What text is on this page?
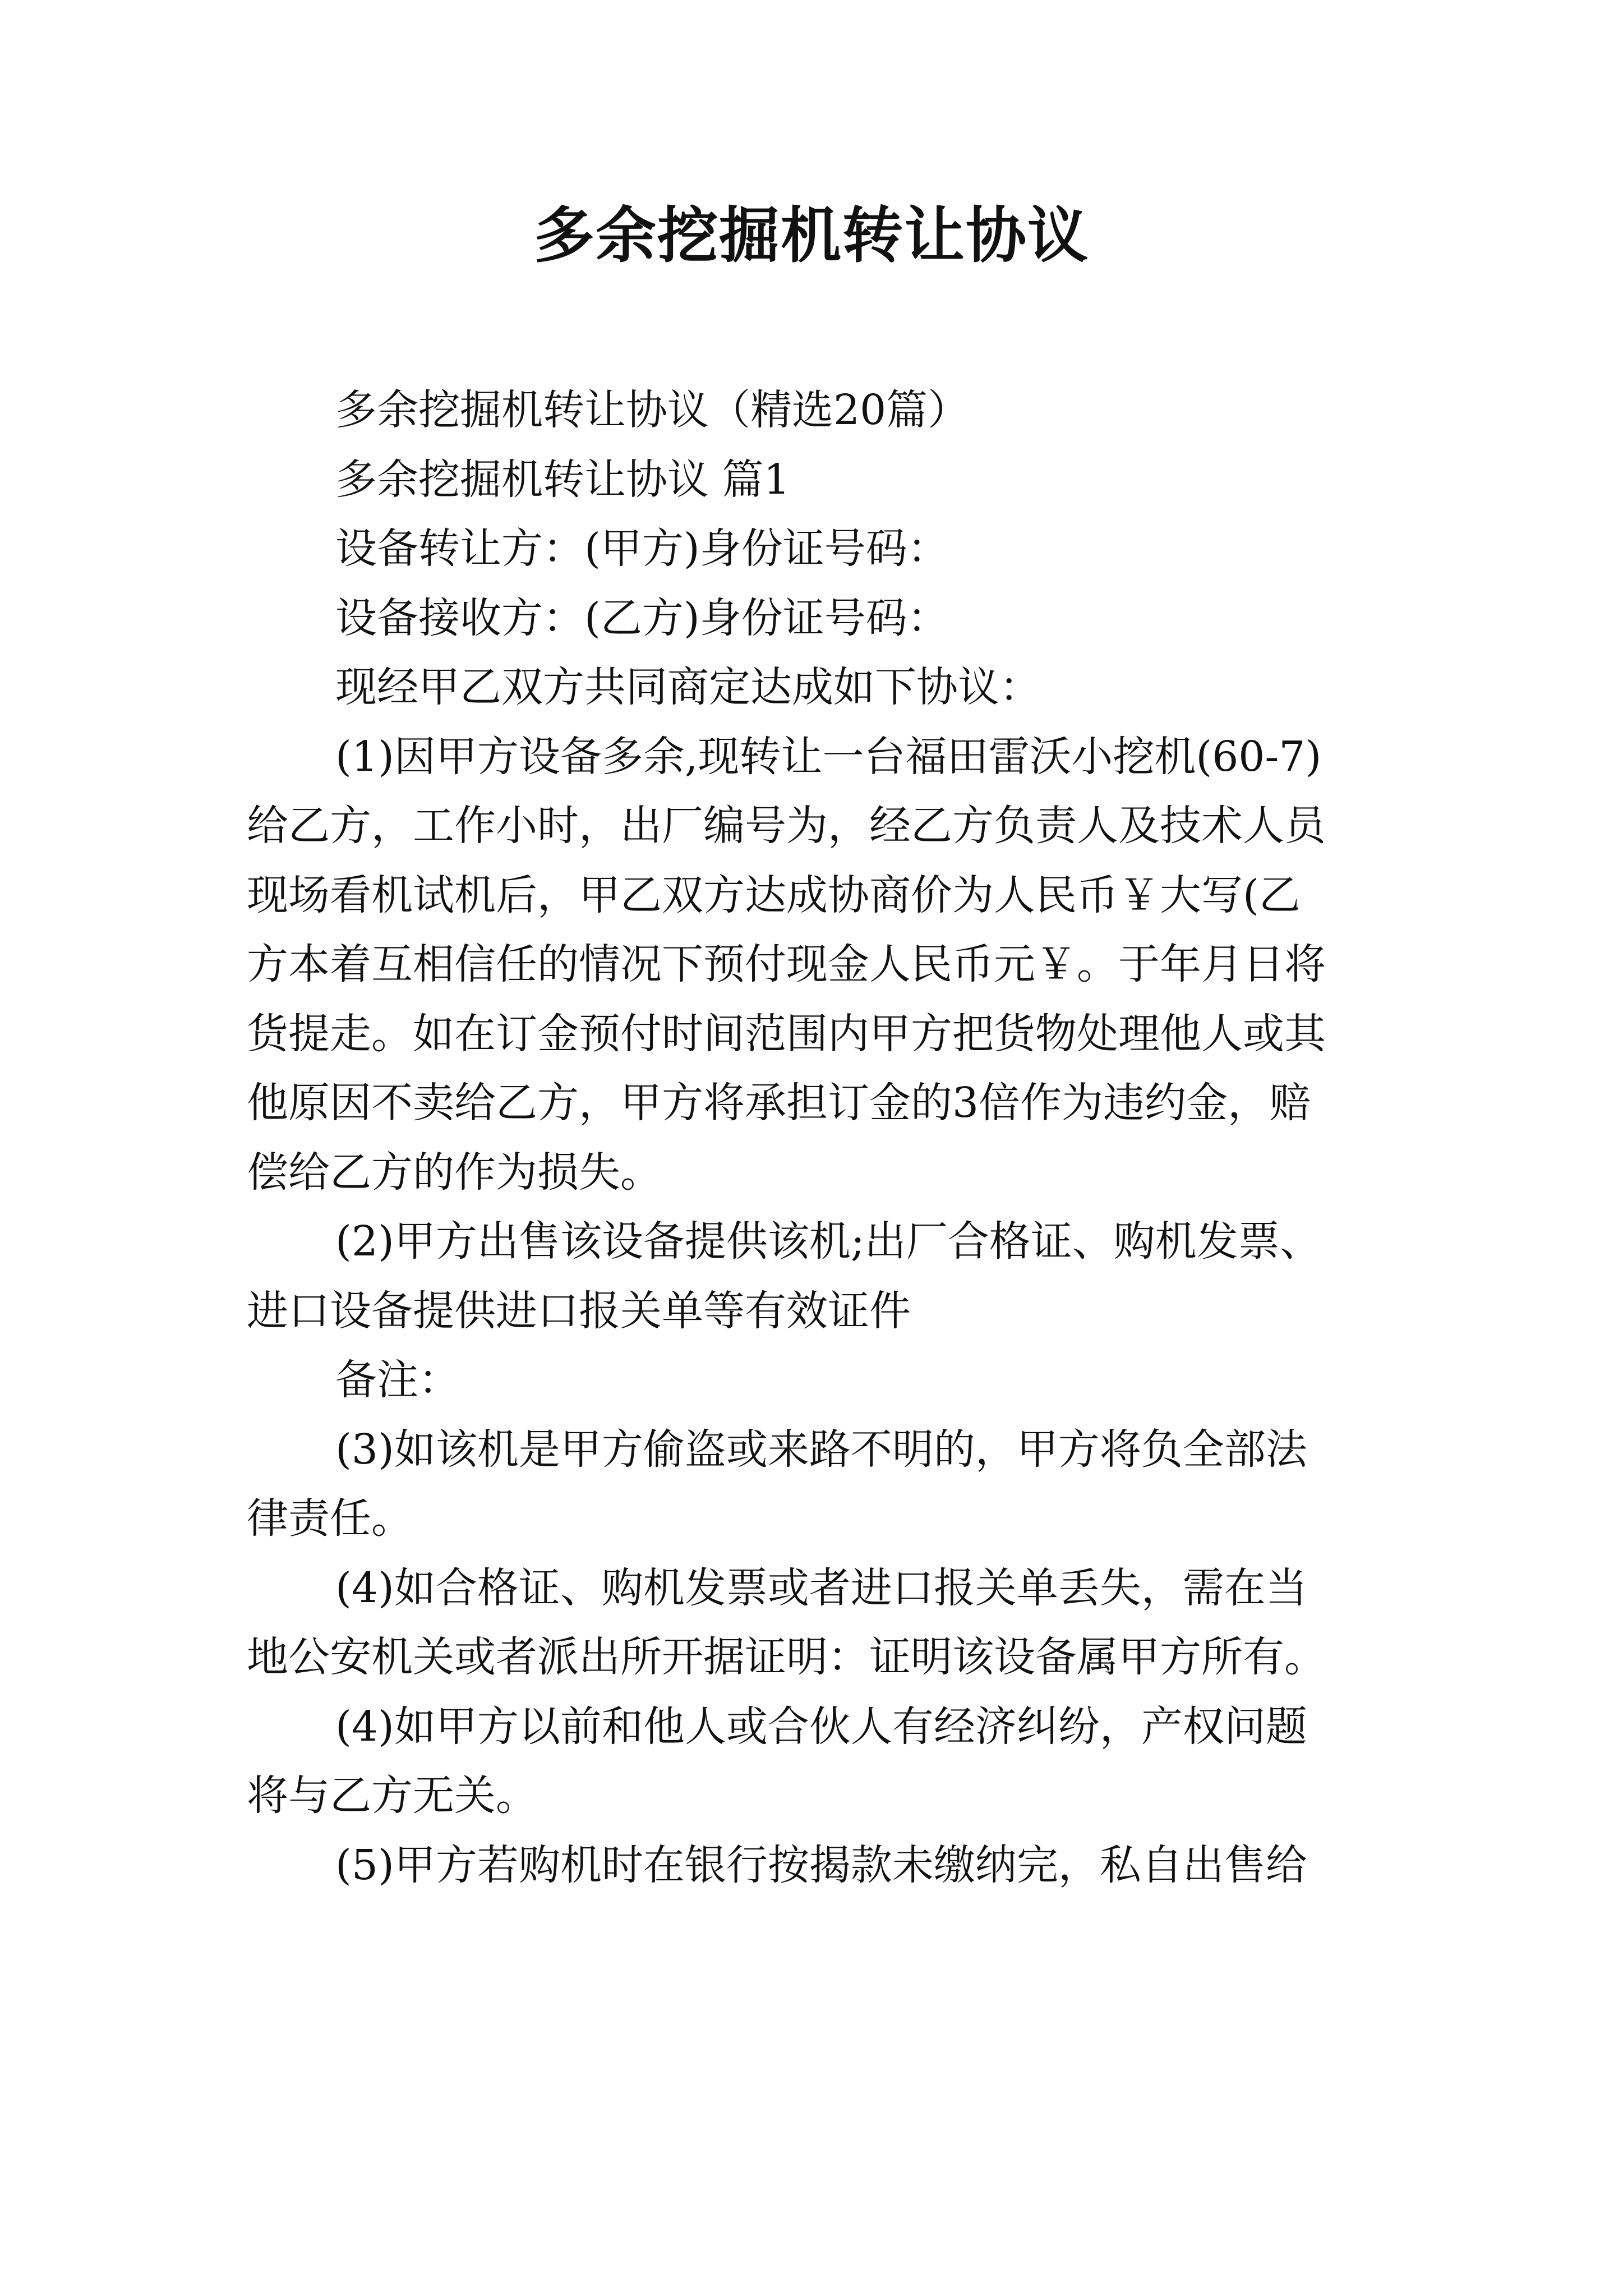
多余挖掘机转让协议

多余挖掘机转让协议（精选20篇）

多余挖掘机转让协议 篇1

设备转让方：(甲方)身份证号码：

设备接收方：(乙方)身份证号码：

现经甲乙双方共同商定达成如下协议：

(1)因甲方设备多余,现转让一台福田雷沃小挖机(60-7)
给乙方，工作小时，出厂编号为，经乙方负责人及技术人员
现场看机试机后，甲乙双方达成协商价为人民币￥大写(乙
方本着互相信任的情况下预付现金人民币元￥。于年月日将
货提走。如在订金预付时间范围内甲方把货物处理他人或其
他原因不卖给乙方，甲方将承担订金的3倍作为违约金，赔
偿给乙方的作为损失。

(2)甲方出售该设备提供该机;出厂合格证、购机发票、
进口设备提供进口报关单等有效证件

备注：

(3)如该机是甲方偷盗或来路不明的，甲方将负全部法
律责任。

(4)如合格证、购机发票或者进口报关单丢失，需在当
地公安机关或者派出所开据证明：证明该设备属甲方所有。

(4)如甲方以前和他人或合伙人有经济纠纷，产权问题
将与乙方无关。

(5)甲方若购机时在银行按揭款未缴纳完，私自出售给
